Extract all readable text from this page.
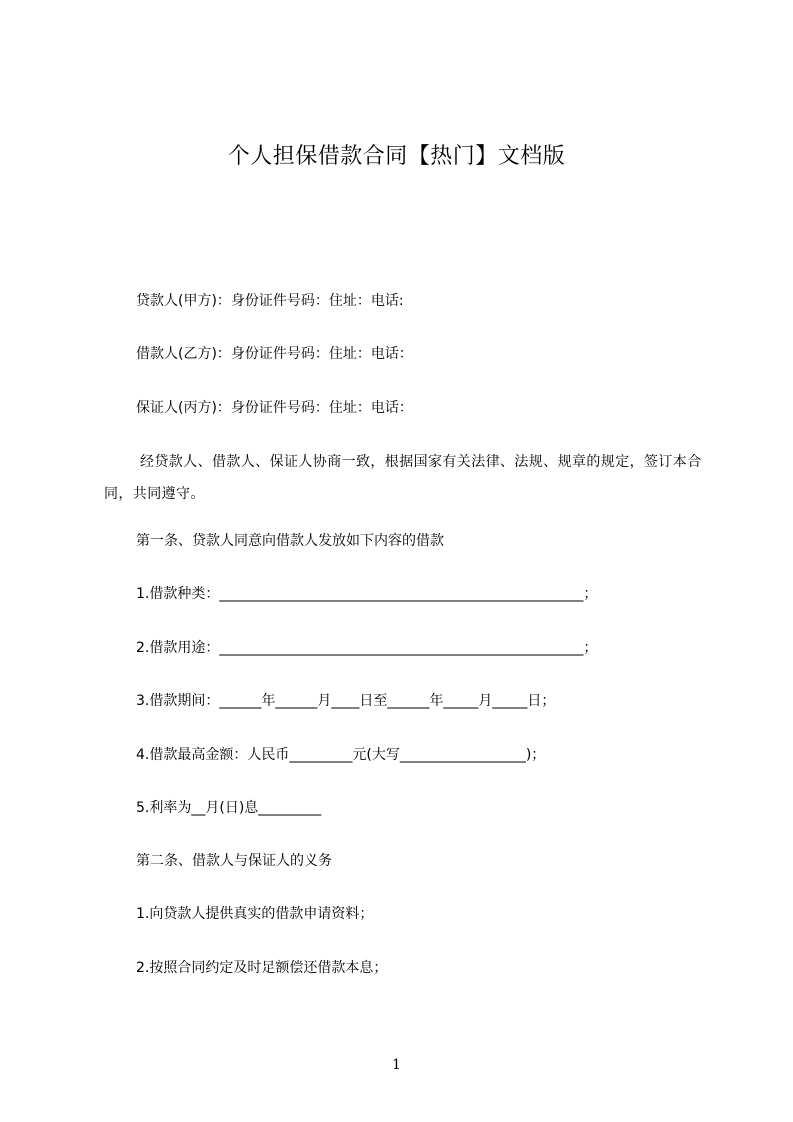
个人担保借款合同【热门】文档版
贷款人(甲方)：身份证件号码：住址：电话:
借款人(乙方)：身份证件号码：住址：电话：
保证人(丙方)：身份证件号码：住址：电话：
经贷款人、借款人、保证人协商一致，根据国家有关法律、法规、规章的规定，签订本合同，共同遵守。
第一条、贷款人同意向借款人发放如下内容的借款
1.借款种类：____________________________________________________；
2.借款用途：____________________________________________________；
3.借款期间：______年______月____日至______年_____月_____日；
4.借款最高金额：人民币_________元(大写__________________)；
5.利率为__月(日)息_________
第二条、借款人与保证人的义务
1.向贷款人提供真实的借款申请资料；
2.按照合同约定及时足额偿还借款本息；
1
